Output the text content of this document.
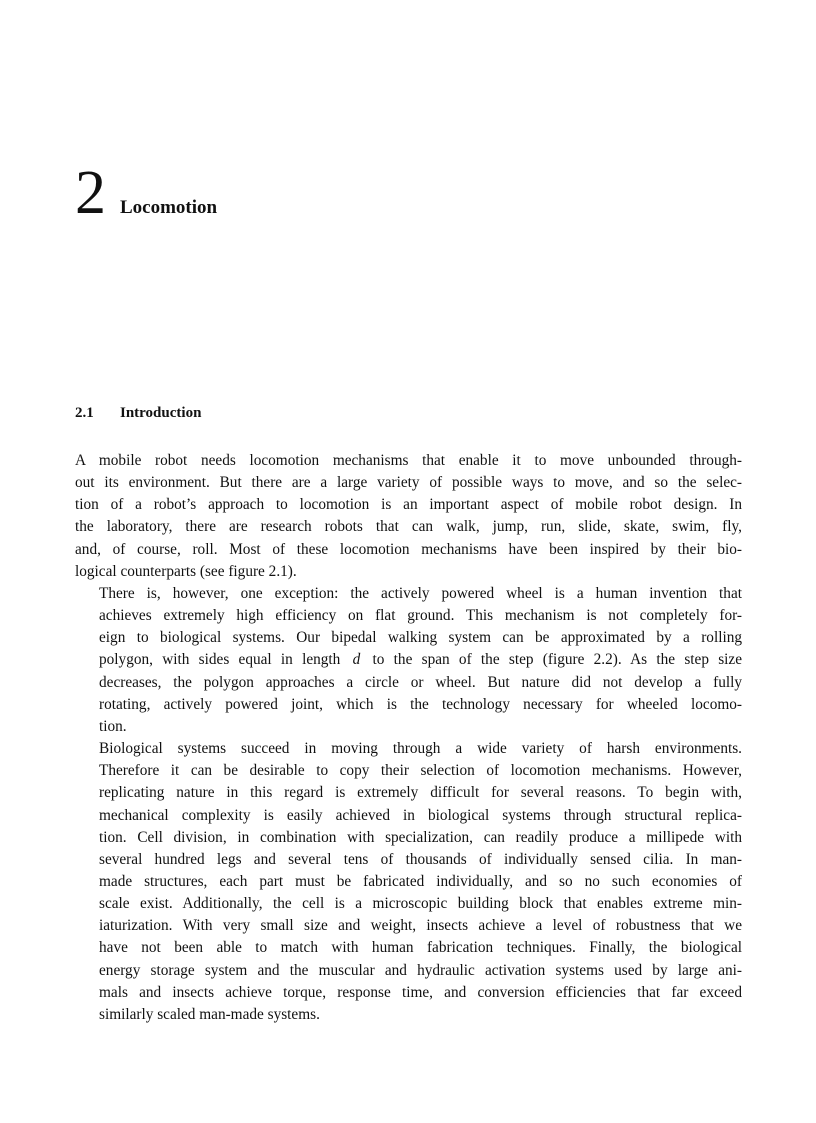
2 Locomotion
2.1 Introduction

A mobile robot needs locomotion mechanisms that enable it to move unbounded through-
out its environment. But there are a large variety of possible ways to move, and so the selec-
tion of a robot’s approach to locomotion is an important aspect of mobile robot design. In
the laboratory, there are research robots that can walk, jump, run, slide, skate, swim, fly,
and, of course, roll. Most of these locomotion mechanisms have been inspired by their bio-
logical counterparts (see figure 2.1).

There is, however, one exception: the actively powered wheel is a human invention that
achieves extremely high efficiency on flat ground. This mechanism is not completely for-
eign to biological systems. Our bipedal walking system can be approximated by a rolling
polygon, with sides equal in length d to the span of the step (figure 2.2). As the step size
decreases, the polygon approaches a circle or wheel. But nature did not develop a fully
rotating, actively powered joint, which is the technology necessary for wheeled locomo-
tion.

Biological systems succeed in moving through a wide variety of harsh environments.
Therefore it can be desirable to copy their selection of locomotion mechanisms. However,
replicating nature in this regard is extremely difficult for several reasons. To begin with,
mechanical complexity is easily achieved in biological systems through structural replica-
tion. Cell division, in combination with specialization, can readily produce a millipede with
several hundred legs and several tens of thousands of individually sensed cilia. In man-
made structures, each part must be fabricated individually, and so no such economies of
scale exist. Additionally, the cell is a microscopic building block that enables extreme min-
iaturization. With very small size and weight, insects achieve a level of robustness that we
have not been able to match with human fabrication techniques. Finally, the biological
energy storage system and the muscular and hydraulic activation systems used by large ani-
mals and insects achieve torque, response time, and conversion efficiencies that far exceed
similarly scaled man-made systems.
